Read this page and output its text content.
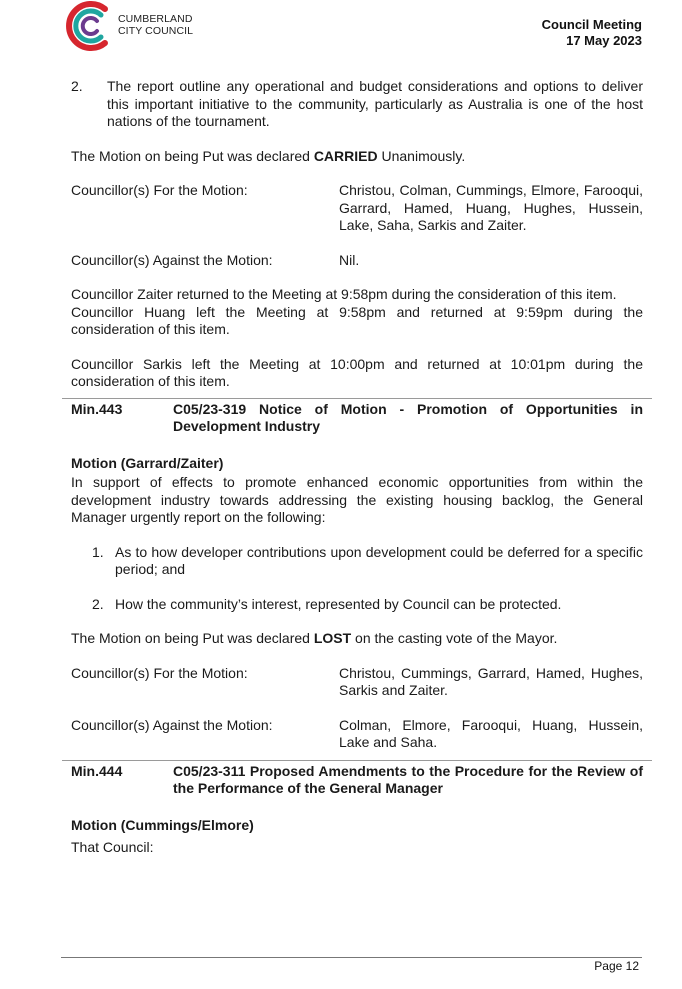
CUMBERLAND
CITY COUNCIL	Council Meeting
17 May 2023
2.	The report outline any operational and budget considerations and options to deliver this important initiative to the community, particularly as Australia is one of the host nations of the tournament.

The Motion on being Put was declared CARRIED Unanimously.

Councillor(s) For the Motion:	Christou, Colman, Cummings, Elmore, Farooqui, Garrard, Hamed, Huang, Hughes, Hussein, Lake, Saha, Sarkis and Zaiter.
Councillor(s) Against the Motion:	Nil.

Councillor Zaiter returned to the Meeting at 9:58pm during the consideration of this item.

Councillor Huang left the Meeting at 9:58pm and returned at 9:59pm during the consideration of this item.

Councillor Sarkis left the Meeting at 10:00pm and returned at 10:01pm during the consideration of this item.

Min.443	C05/23-319 Notice of Motion - Promotion of Opportunities in Development Industry

Motion (Garrard/Zaiter)

In support of effects to promote enhanced economic opportunities from within the development industry towards addressing the existing housing backlog, the General Manager urgently report on the following:

1. As to how developer contributions upon development could be deferred for a specific period; and
2. How the community’s interest, represented by Council can be protected.

The Motion on being Put was declared LOST on the casting vote of the Mayor.

Councillor(s) For the Motion:	Christou, Cummings, Garrard, Hamed, Hughes, Sarkis and Zaiter.
Councillor(s) Against the Motion:	Colman, Elmore, Farooqui, Huang, Hussein, Lake and Saha.
Min.444	C05/23-311 Proposed Amendments to the Procedure for the Review of the Performance of the General Manager

Motion (Cummings/Elmore)

That Council:

Page 12
